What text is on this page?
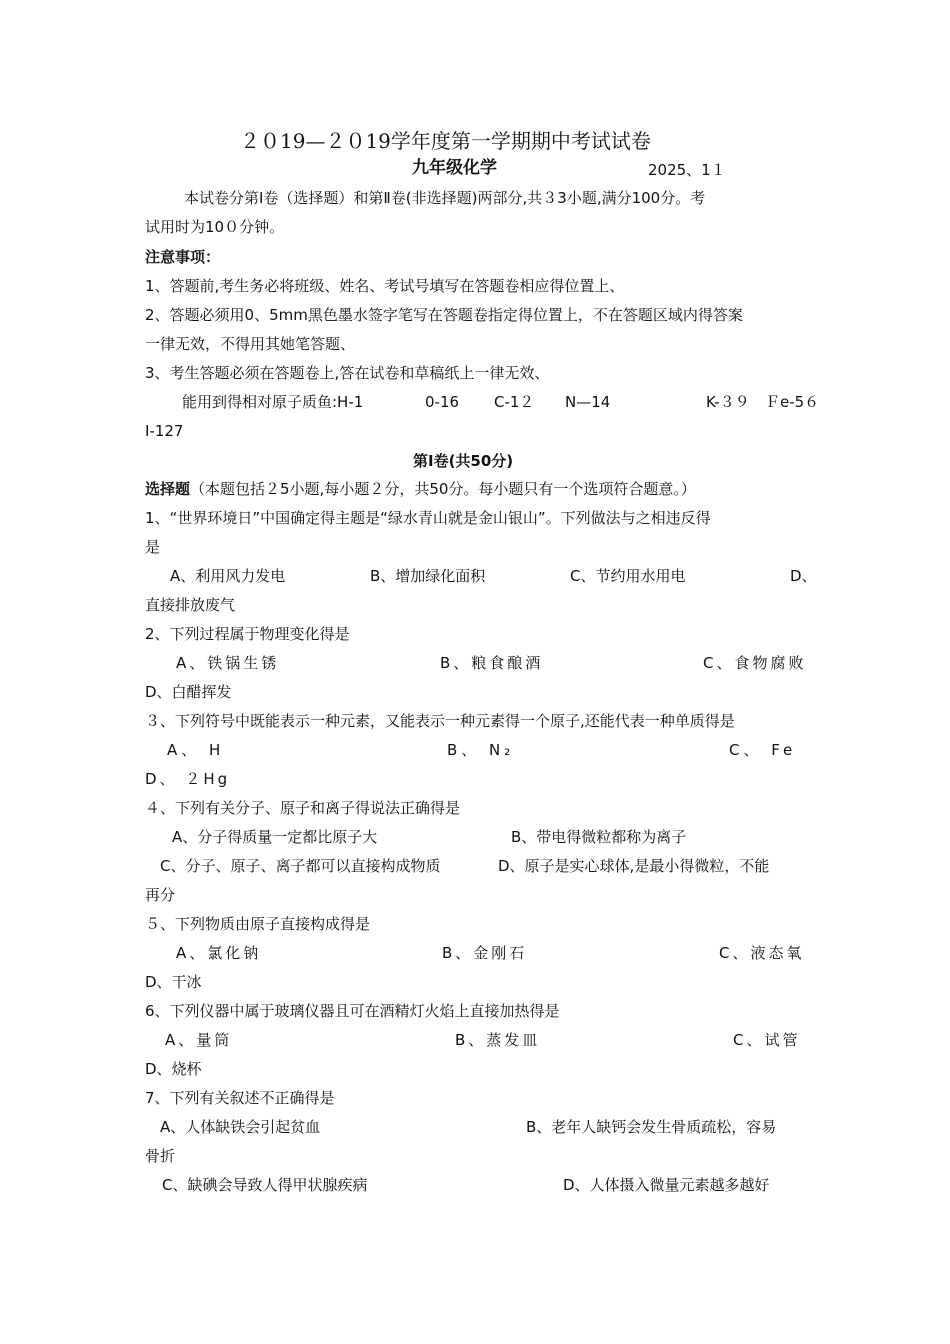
２０19—２０19学年度第一学期期中考试试卷
九年级化学	2025、1１
本试卷分第Ⅰ卷（选择题）和第Ⅱ卷(非选择题)两部分,共３3小题,满分100分。考
试用时为10０分钟。
注意事项：
1、答题前,考生务必将班级、姓名、考试号填写在答题卷相应得位置上、
2、答题必须用0、5mm黑色墨水签字笔写在答题卷指定得位置上，不在答题区域内得答案
一律无效，不得用其她笔答题、
3、考生答题必须在答题卷上,答在试卷和草稿纸上一律无效、
能用到得相对原子质鱼:H-1	0-16 C-1２ N—14	K-３９ Ｆe-5６
I-127
第Ⅰ卷(共50分)
选择题（本题包括２5小题,每小题２分，共50分。每小题只有一个选项符合题意。）
1、“世界环境日”中国确定得主题是“绿水青山就是金山银山”。下列做法与之相违反得
是
A、利用风力发电	B、增加绿化面积	C、节约用水用电	D、
直接排放废气
2、下列过程属于物理变化得是
A、铁锅生锈	B、粮食酿酒	C、食物腐败
D、白醋挥发
３、下列符号中既能表示一种元素，又能表示一种元素得一个原子,还能代表一种单质得是
A、 H	B、 N₂	C、 Fe
D、 ２Hg
４、下列有关分子、原子和离子得说法正确得是
A、分子得质量一定都比原子大	B、带电得微粒都称为离子
C、分子、原子、离子都可以直接构成物质	D、原子是实心球体,是最小得微粒，不能
再分
５、下列物质由原子直接构成得是
A、氯化钠	B、金刚石	C、液态氧
D、干冰
6、下列仪器中属于玻璃仪器且可在酒精灯火焰上直接加热得是
A、量筒	B、蒸发皿	C、试管
D、烧杯
7、下列有关叙述不正确得是
A、人体缺铁会引起贫血	B、老年人缺钙会发生骨质疏松，容易
骨折
C、缺碘会导致人得甲状腺疾病	D、人体摄入微量元素越多越好
